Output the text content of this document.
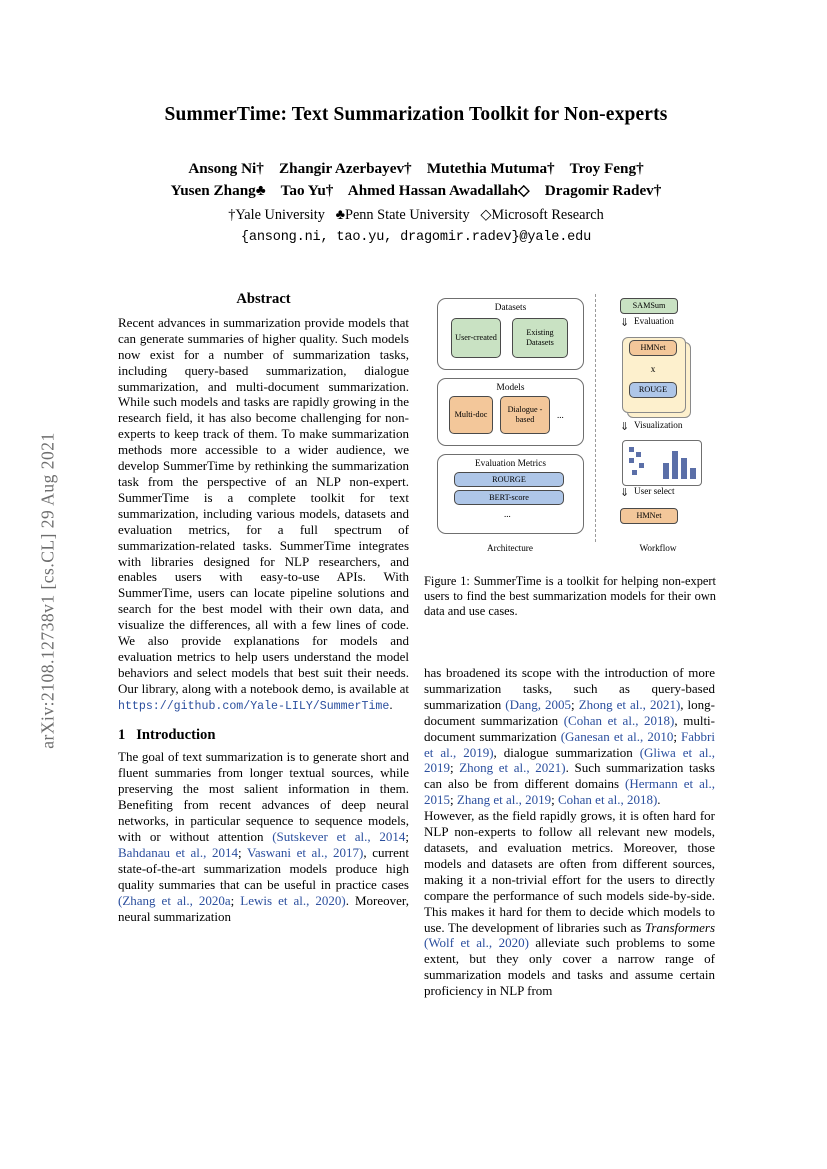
arXiv:2108.12738v1 [cs.CL] 29 Aug 2021
SummerTime: Text Summarization Toolkit for Non-experts
Ansong Ni†    Zhangir Azerbayev†    Mutethia Mutuma†    Troy Feng†
Yusen Zhang♣    Tao Yu†    Ahmed Hassan Awadallah◇    Dragomir Radev†
†Yale University   ♣Penn State University   ◇Microsoft Research
{ansong.ni, tao.yu, dragomir.radev}@yale.edu
Abstract

Recent advances in summarization provide models that can generate summaries of higher quality. Such models now exist for a number of summarization tasks, including query-based summarization, dialogue summarization, and multi-document summarization. While such models and tasks are rapidly growing in the research field, it has also become challenging for non-experts to keep track of them. To make summarization methods more accessible to a wider audience, we develop SummerTime by rethinking the summarization task from the perspective of an NLP non-expert. SummerTime is a complete toolkit for text summarization, including various models, datasets and evaluation metrics, for a full spectrum of summarization-related tasks. SummerTime integrates with libraries designed for NLP researchers, and enables users with easy-to-use APIs. With SummerTime, users can locate pipeline solutions and search for the best model with their own data, and visualize the differences, all with a few lines of code. We also provide explanations for models and evaluation metrics to help users understand the model behaviors and select models that best suit their needs. Our library, along with a notebook demo, is available at https://github.com/Yale-LILY/SummerTime.

1 Introduction

The goal of text summarization is to generate short and fluent summaries from longer textual sources, while preserving the most salient information in them. Benefiting from recent advances of deep neural networks, in particular sequence to sequence models, with or without attention (Sutskever et al., 2014; Bahdanau et al., 2014; Vaswani et al., 2017), current state-of-the-art summarization models produce high quality summaries that can be useful in practice cases (Zhang et al., 2020a; Lewis et al., 2020). Moreover, neural summarization

Datasets
User-created
Existing Datasets
Models
Multi-doc
Dialogue -based	...
Evaluation Metrics
ROURGE
BERT-score
...
SAMSum
⇓ Evaluation
HMNet
x
ROUGE
⇓ Visualization
⇓ User select
HMNet
Architecture	Workflow
Figure 1: SummerTime is a toolkit for helping non-expert users to find the best summarization models for their own data and use cases.

has broadened its scope with the introduction of more summarization tasks, such as query-based summarization (Dang, 2005; Zhong et al., 2021), long-document summarization (Cohan et al., 2018), multi-document summarization (Ganesan et al., 2010; Fabbri et al., 2019), dialogue summarization (Gliwa et al., 2019; Zhong et al., 2021). Such summarization tasks can also be from different domains (Hermann et al., 2015; Zhang et al., 2019; Cohan et al., 2018).

However, as the field rapidly grows, it is often hard for NLP non-experts to follow all relevant new models, datasets, and evaluation metrics. Moreover, those models and datasets are often from different sources, making it a non-trivial effort for the users to directly compare the performance of such models side-by-side. This makes it hard for them to decide which models to use. The development of libraries such as Transformers (Wolf et al., 2020) alleviate such problems to some extent, but they only cover a narrow range of summarization models and tasks and assume certain proficiency in NLP from
